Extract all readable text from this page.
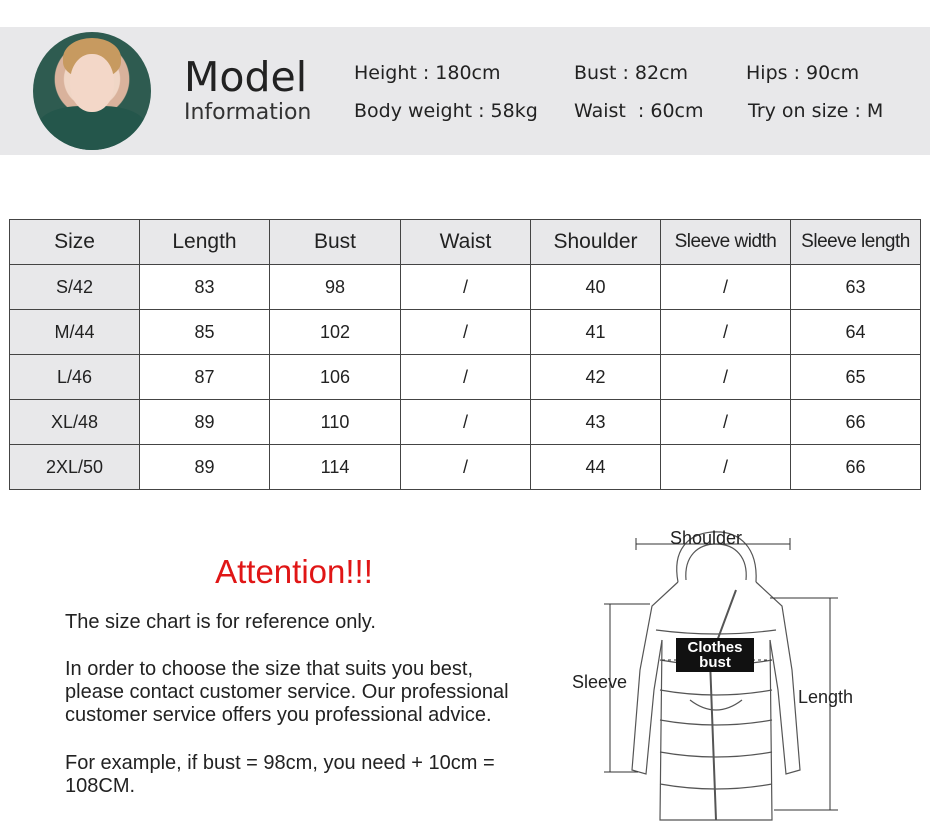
Model
Information
Height : 180cm	Bust : 82cm	Hips : 90cm
Body weight : 58kg Waist  : 60cm Try on size : M
Size	Length	Bust	Waist	Shoulder	Sleeve width	Sleeve length
S/42	83	98	/	40	/	63
M/44	85	102	/	41	/	64
L/46	87	106	/	42	/	65
XL/48	89	110	/	43	/	66
2XL/50	89	114	/	44	/	66
Attention!!!
The size chart is for reference only.
In order to choose the size that suits you best, please contact customer service. Our professional customer service offers you professional advice.
For example, if bust = 98cm, you need + 10cm = 108CM.
Shoulder
Sleeve
Length
Clothes
bust
